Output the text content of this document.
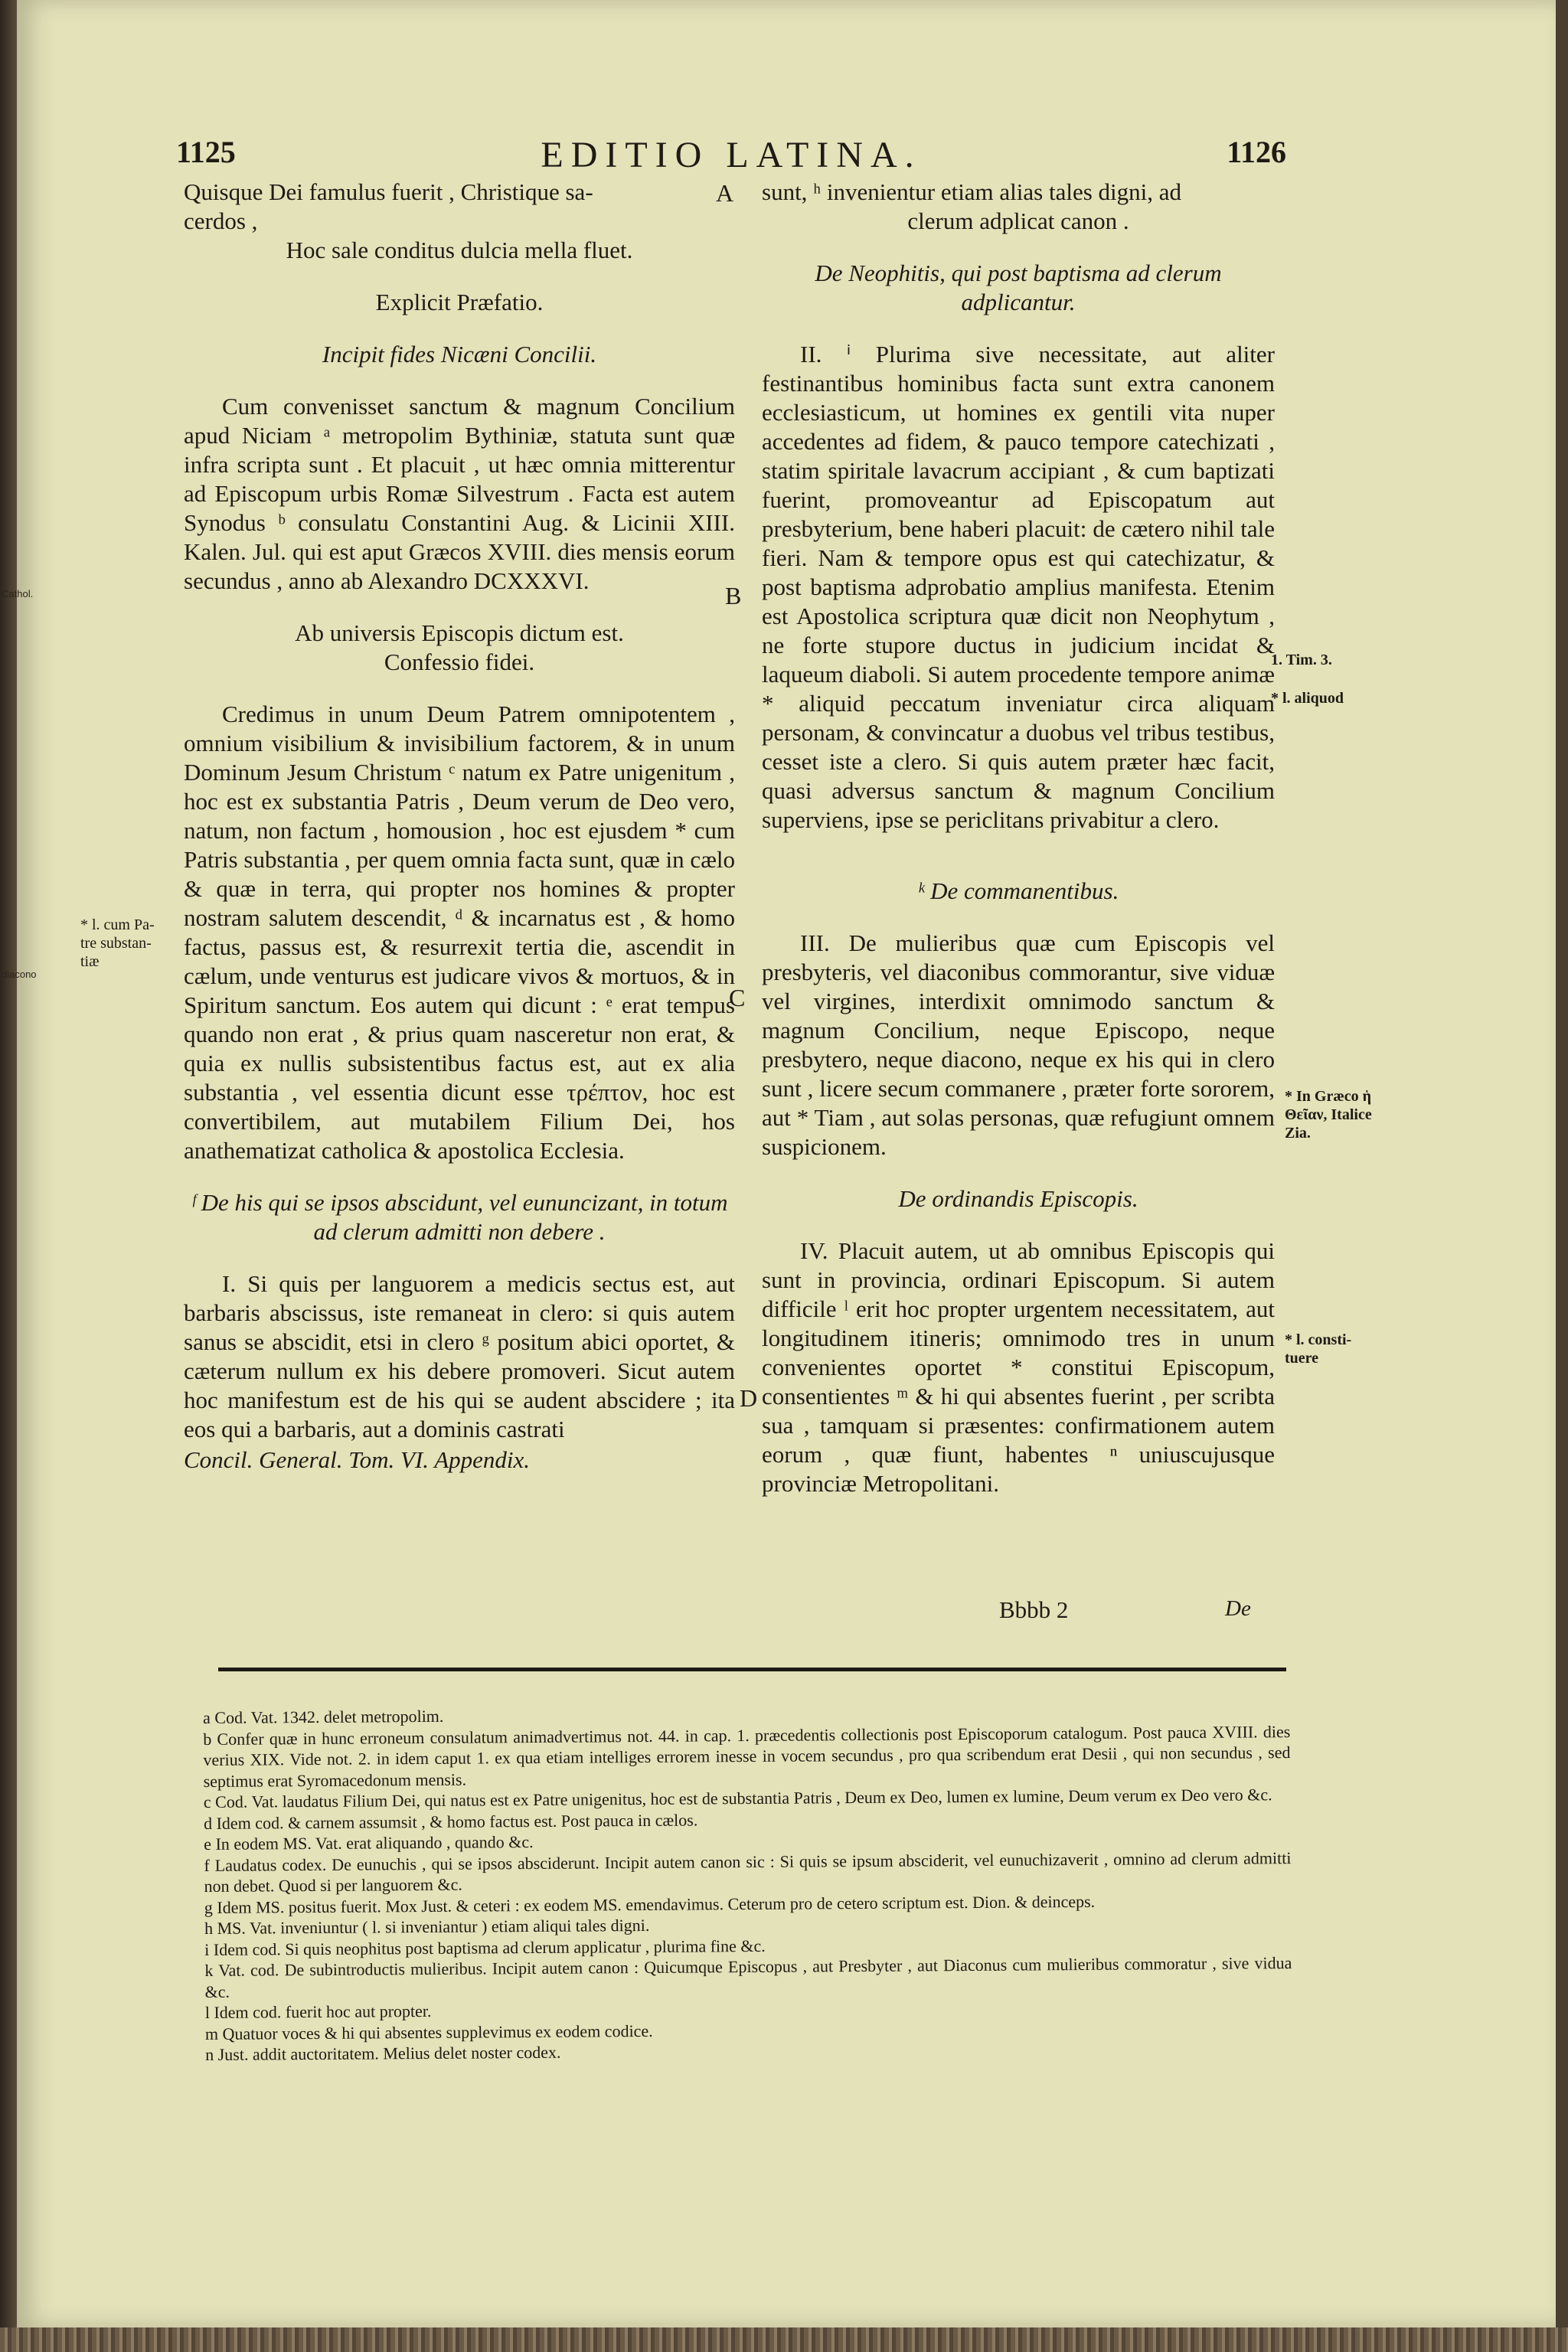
Cathol.
diacono
1125	EDITIO LATINA.	1126

Quisque Dei famulus fuerit , Christique sa-

cerdos ,

Hoc sale conditus dulcia mella fluet.

Explicit Præfatio.

Incipit fides Nicæni Concilii.

Cum convenisset sanctum & magnum Concilium apud Niciam ᵃ metropolim Bythiniæ, statuta sunt quæ infra scripta sunt . Et placuit , ut hæc omnia mitterentur ad Episcopum urbis Romæ Silvestrum . Facta est autem Synodus ᵇ consulatu Constantini Aug. & Licinii XIII. Kalen. Jul. qui est aput Græcos XVIII. dies mensis eorum secundus , anno ab Alexandro DCXXXVI.

Ab universis Episcopis dictum est.

Confessio fidei.

Credimus in unum Deum Patrem omnipotentem , omnium visibilium & invisibilium factorem, & in unum Dominum Jesum Christum ᶜ natum ex Patre unigenitum , hoc est ex substantia Patris , Deum verum de Deo vero, natum, non factum , homousion , hoc est ejusdem * cum Patris substantia , per quem omnia facta sunt, quæ in cælo & quæ in terra, qui propter nos homines & propter nostram salutem descendit, ᵈ & incarnatus est , & homo factus, passus est, & resurrexit tertia die, ascendit in cælum, unde venturus est judicare vivos & mortuos, & in Spiritum sanctum. Eos autem qui dicunt : ᵉ erat tempus quando non erat , & prius quam nasceretur non erat, & quia ex nullis subsistentibus factus est, aut ex alia substantia , vel essentia dicunt esse τρέπτον, hoc est convertibilem, aut mutabilem Filium Dei, hos anathematizat catholica & apostolica Ecclesia.

ᶠ De his qui se ipsos abscidunt, vel eununcizant, in totum ad clerum admitti non debere .

I. Si quis per languorem a medicis sectus est, aut barbaris abscissus, iste remaneat in clero: si quis autem sanus se abscidit, etsi in clero ᵍ positum abici oportet, & cæterum nullum ex his debere promoveri. Sicut autem hoc manifestum est de his qui se audent abscidere ; ita eos qui a barbaris, aut a dominis castrati

Concil. General. Tom. VI. Appendix.

sunt, ʰ invenientur etiam alias tales digni, ad

clerum adplicat canon .

De Neophitis, qui post baptisma ad clerum adplicantur.

II. ⁱ Plurima sive necessitate, aut aliter festinantibus hominibus facta sunt extra canonem ecclesiasticum, ut homines ex gentili vita nuper accedentes ad fidem, & pauco tempore catechizati , statim spiritale lavacrum accipiant , & cum baptizati fuerint, promoveantur ad Episcopatum aut presbyterium, bene haberi placuit: de cætero nihil tale fieri. Nam & tempore opus est qui catechizatur, & post baptisma adprobatio amplius manifesta. Etenim est Apostolica scriptura quæ dicit non Neophytum , ne forte stupore ductus in judicium incidat & laqueum diaboli. Si autem procedente tempore animæ * aliquid peccatum inveniatur circa aliquam personam, & convincatur a duobus vel tribus testibus, cesset iste a clero. Si quis autem præter hæc facit, quasi adversus sanctum & magnum Concilium superviens, ipse se periclitans privabitur a clero.

ᵏ De commanentibus.

III. De mulieribus quæ cum Episcopis vel presbyteris, vel diaconibus commorantur, sive viduæ vel virgines, interdixit omnimodo sanctum & magnum Concilium, neque Episcopo, neque presbytero, neque diacono, neque ex his qui in clero sunt , licere secum commanere , præter forte sororem, aut * Tiam , aut solas personas, quæ refugiunt omnem suspicionem.

De ordinandis Episcopis.

IV. Placuit autem, ut ab omnibus Episcopis qui sunt in provincia, ordinari Episcopum. Si autem difficile ˡ erit hoc propter urgentem necessitatem, aut longitudinem itineris; omnimodo tres in unum convenientes oportet * constitui Episcopum, consentientes ᵐ & hi qui absentes fuerint , per scribta sua , tamquam si præsentes: confirmationem autem eorum , quæ fiunt, habentes ⁿ uniuscujusque provinciæ Metropolitani.

Bbbb 2	De
A
B
C
D
* l. cum Pa-
tre substan-
tiæ
1. Tim. 3.
* l. aliquod
* In Græco ἡ Θεῖαν, Italice Zia.
* l. consti- tuere

a Cod. Vat. 1342. delet metropolim.

b Confer quæ in hunc erroneum consulatum animadvertimus not. 44. in cap. 1. præcedentis collectionis post Episcoporum catalogum. Post pauca XVIII. dies verius XIX. Vide not. 2. in idem caput 1. ex qua etiam intelliges errorem inesse in vocem secundus , pro qua scribendum erat Desii , qui non secundus , sed septimus erat Syromacedonum mensis.

c Cod. Vat. laudatus Filium Dei, qui natus est ex Patre unigenitus, hoc est de substantia Patris , Deum ex Deo, lumen ex lumine, Deum verum ex Deo vero &c.

d Idem cod. & carnem assumsit , & homo factus est. Post pauca in cælos.

e In eodem MS. Vat. erat aliquando , quando &c.

f Laudatus codex. De eunuchis , qui se ipsos absciderunt. Incipit autem canon sic : Si quis se ipsum absciderit, vel eunuchizaverit , omnino ad clerum admitti non debet. Quod si per languorem &c.

g Idem MS. positus fuerit. Mox Just. & ceteri : ex eodem MS. emendavimus. Ceterum pro de cetero scriptum est. Dion. & deinceps.

h MS. Vat. inveniuntur ( l. si inveniantur ) etiam aliqui tales digni.

i Idem cod. Si quis neophitus post baptisma ad clerum applicatur , plurima fine &c.

k Vat. cod. De subintroductis mulieribus. Incipit autem canon : Quicumque Episcopus , aut Presbyter , aut Diaconus cum mulieribus commoratur , sive vidua &c.

l Idem cod. fuerit hoc aut propter.

m Quatuor voces & hi qui absentes supplevimus ex eodem codice.

n Just. addit auctoritatem. Melius delet noster codex.
